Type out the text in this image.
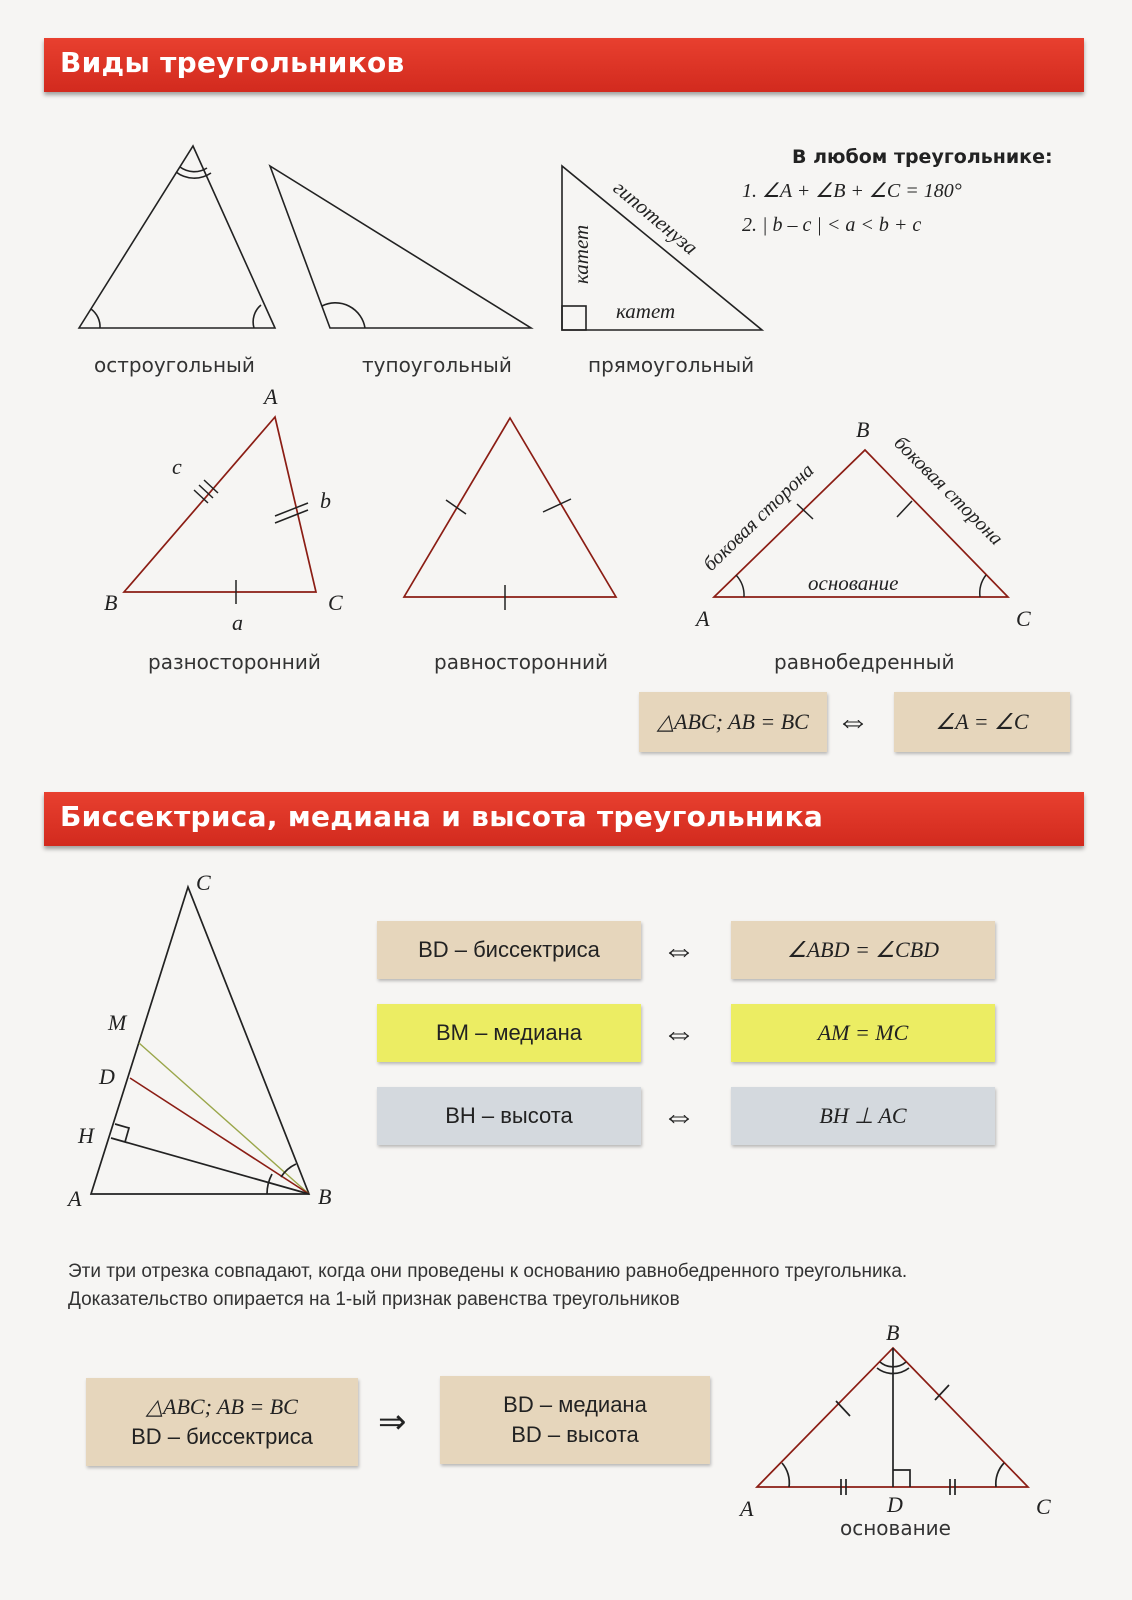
Виды треугольников
гипотенуза
катет
катет
A
B	C
a
b
c	боковая сторона	боковая сторона
основание
B
A	C
C
M
D
H
A	B
B
A	C
D
остроугольный	тупоугольный	прямоугольный
В любом треугольнике:
1. ∠A + ∠B + ∠C = 180°
2. | b – c | < a < b + c
разносторонний	равносторонний	равнобедренный
△ABC; AB = BC ⇔	∠A = ∠C
Биссектриса, медиана и высота треугольника
BD – биссектриса	⇔	∠ABD = ∠CBD
BM – медиана	⇔	AM = MC
BH – высота	⇔	BH ⊥ AC
Эти три отрезка совпадают, когда они проведены к основанию равнобедренного треугольника.
Доказательство опирается на 1-ый признак равенства треугольников
△ABC; AB = BC
BD – биссектриса ⇒	BD – медиана
BD – высота
основание
